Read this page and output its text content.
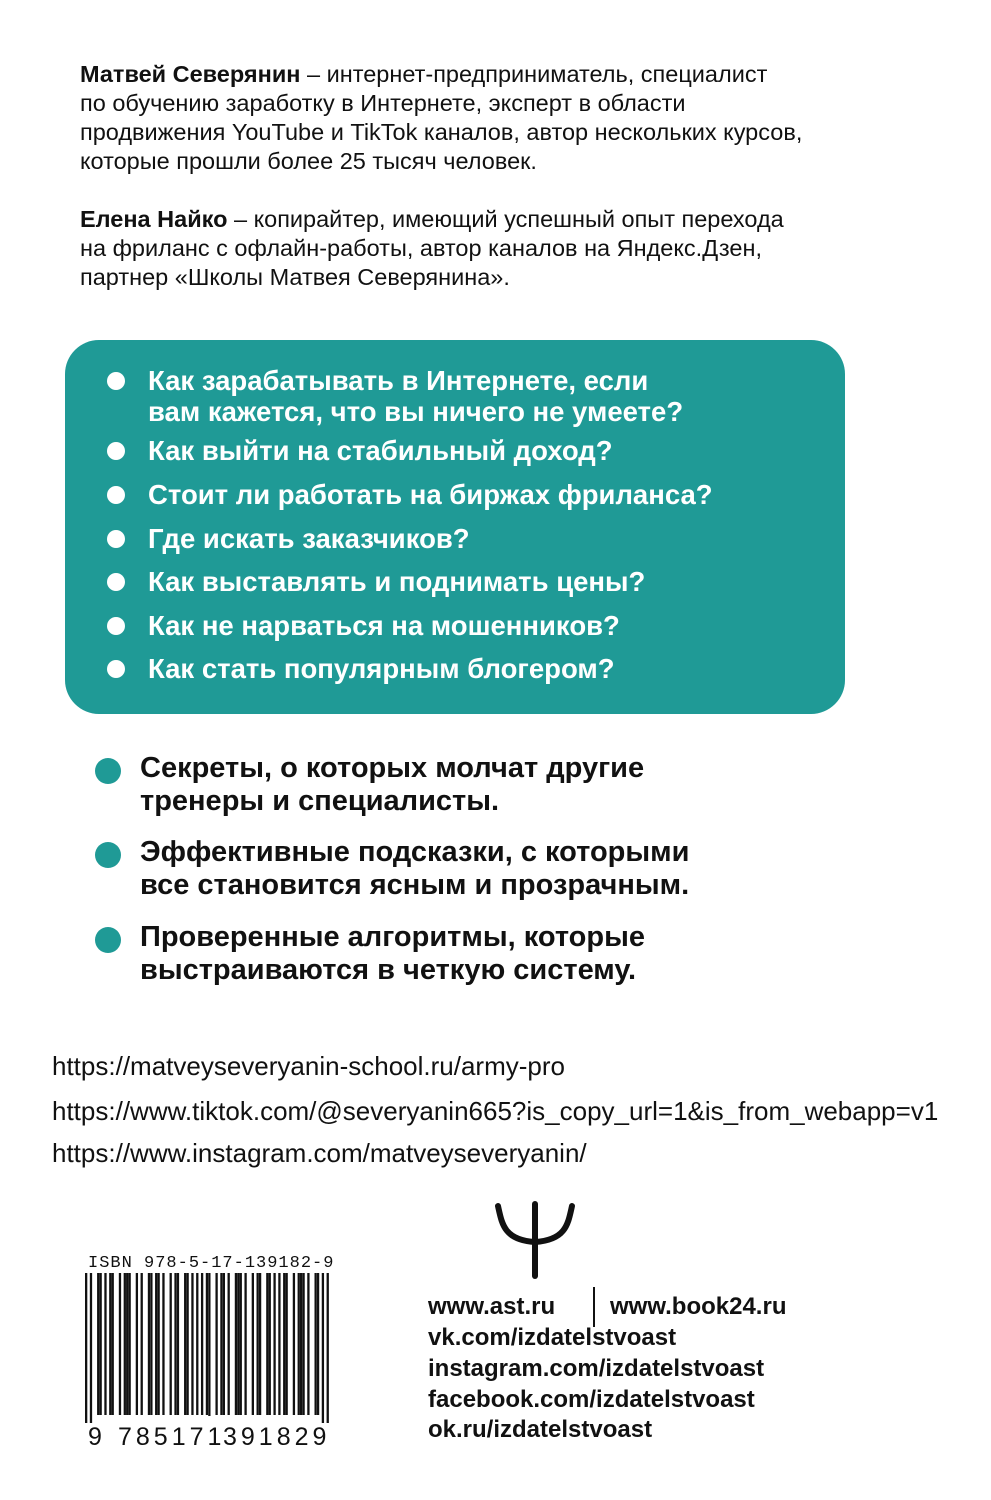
Матвей Северянин – интернет-предприниматель, специалист
по обучению заработку в Интернете, эксперт в области
продвижения YouTube и TikTok каналов, автор нескольких курсов,
которые прошли более 25 тысяч человек.

Елена Найко – копирайтер, имеющий успешный опыт перехода
на фриланс с офлайн-работы, автор каналов на Яндекс.Дзен,
партнер «Школы Матвея Северянина».

Как зарабатывать в Интернете, если
вам кажется, что вы ничего не умеете?
Как выйти на стабильный доход?
Стоит ли работать на биржах фриланса?
Где искать заказчиков?
Как выставлять и поднимать цены?
Как не нарваться на мошенников?
Как стать популярным блогером?
Секреты, о которых молчат другие
тренеры и специалисты.
Эффективные подсказки, с которыми
все становится ясным и прозрачным.
Проверенные алгоритмы, которые
выстраиваются в четкую систему.
https://matveyseveryanin-school.ru/army-pro
https://www.tiktok.com/@severyanin665?is_copy_url=1&is_from_webapp=v1
https://www.instagram.com/matveyseveryanin/
ISBN 978-5-17-139182-9
9 785171
391829
www.ast.ru www.book24.ru
vk.com/izdatelstvoast
instagram.com/izdatelstvoast
facebook.com/izdatelstvoast
ok.ru/izdatelstvoast
